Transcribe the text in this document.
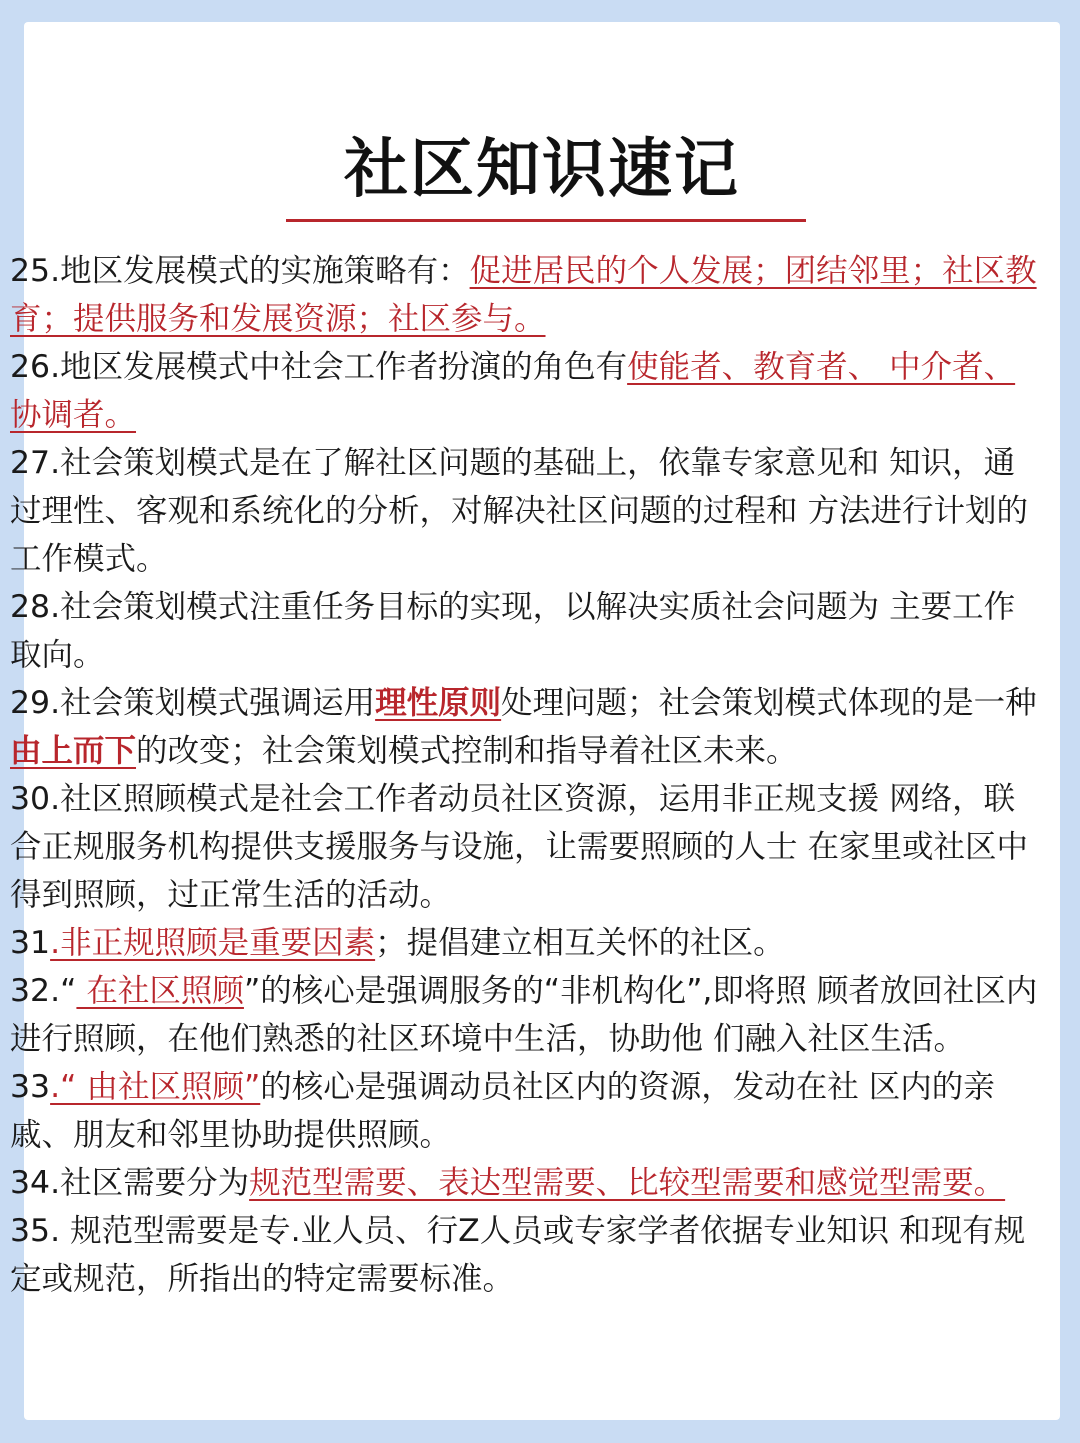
社区知识速记

25.地区发展模式的实施策略有：促进居民的个人发展；团结邻里；社区教育；提供服务和发展资源；社区参与。

26.地区发展模式中社会工作者扮演的角色有使能者、教育者、 中介者、协调者。

27.社会策划模式是在了解社区问题的基础上，依靠专家意见和 知识，通过理性、客观和系统化的分析，对解决社区问题的过程和 方法进行计划的工作模式。

28.社会策划模式注重任务目标的实现，以解决实质社会问题为 主要工作取向。

29.社会策划模式强调运用理性原则处理问题；社会策划模式体现的是一种由上而下的改变；社会策划模式控制和指导着社区未来。

30.社区照顾模式是社会工作者动员社区资源，运用非正规支援 网络，联合正规服务机构提供支援服务与设施，让需要照顾的人士 在家里或社区中得到照顾，过正常生活的活动。

31.非正规照顾是重要因素；提倡建立相互关怀的社区。

32.“ 在社区照顾”的核心是强调服务的“非机构化”,即将照 顾者放回社区内进行照顾，在他们熟悉的社区环境中生活，协助他 们融入社区生活。

33.“ 由社区照顾”的核心是强调动员社区内的资源，发动在社 区内的亲戚、朋友和邻里协助提供照顾。

34.社区需要分为规范型需要、表达型需要、比较型需要和感觉型需要。

35. 规范型需要是专.业人员、行Z人员或专家学者依据专业知识 和现有规定或规范，所指出的特定需要标准。
